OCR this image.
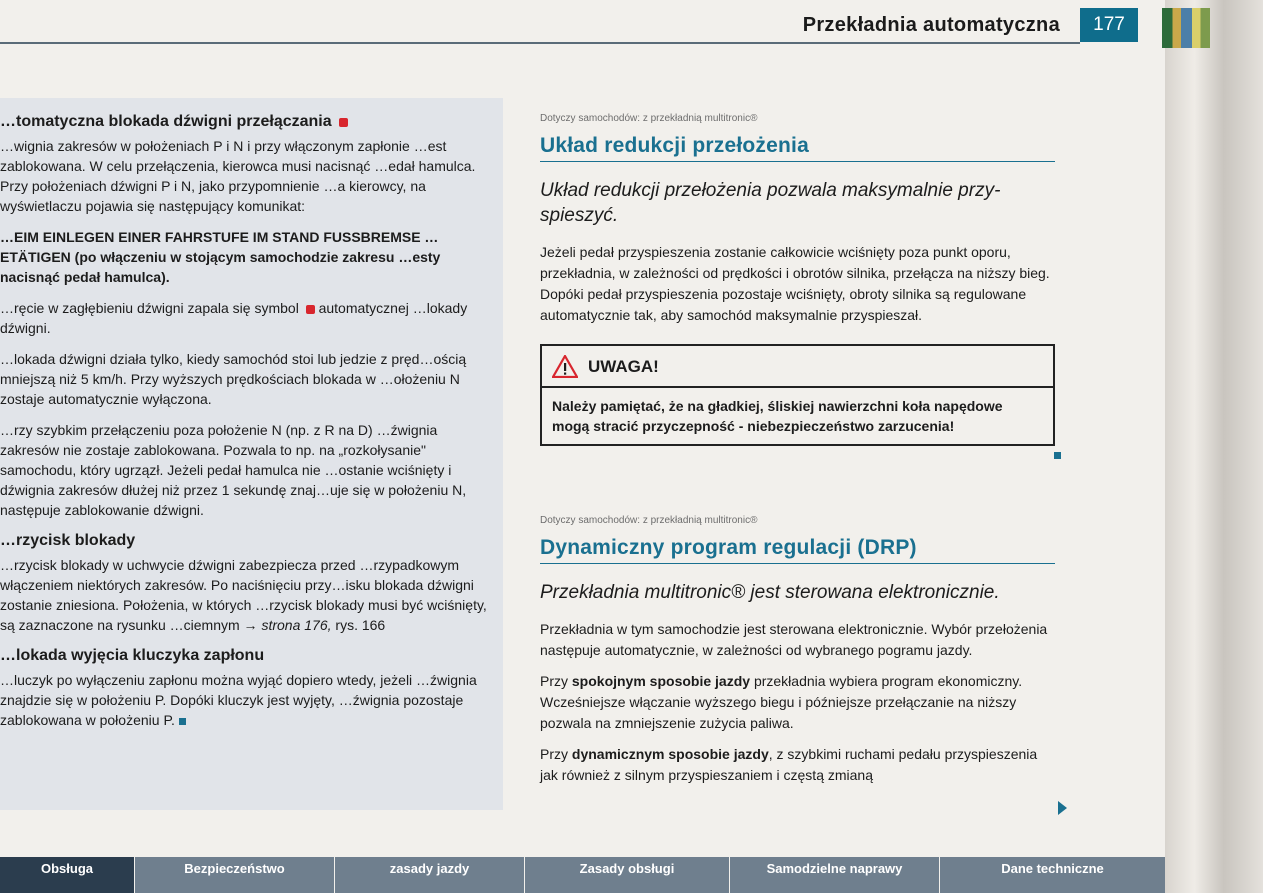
Przekładnia automatyczna	177
…tomatyczna blokada dźwigni przełączania

…wignia zakresów w położeniach P i N i przy włączonym zapłonie …est zablokowana. W celu przełączenia, kierowca musi nacisnąć …edał hamulca. Przy położeniach dźwigni P i N, jako przypomnienie …a kierowcy, na wyświetlaczu pojawia się następujący komunikat:

…EIM EINLEGEN EINER FAHRSTUFE IM STAND FUSSBREMSE …ETÄTIGEN (po włączeniu w stojącym samochodzie zakresu …esty nacisnąć pedał hamulca).

…ręcie w zagłębieniu dźwigni zapala się symbol automatycznej …lokady dźwigni.

…lokada dźwigni działa tylko, kiedy samochód stoi lub jedzie z pręd…ością mniejszą niż 5 km/h. Przy wyższych prędkościach blokada w …ołożeniu N zostaje automatycznie wyłączona.

…rzy szybkim przełączeniu poza położenie N (np. z R na D) …źwignia zakresów nie zostaje zablokowana. Pozwala to np. na „rozkołysanie" samochodu, który ugrzązł. Jeżeli pedał hamulca nie …ostanie wciśnięty i dźwignia zakresów dłużej niż przez 1 sekundę znaj…uje się w położeniu N, następuje zablokowanie dźwigni.

…rzycisk blokady

…rzycisk blokady w uchwycie dźwigni zabezpiecza przed …rzypadkowym włączeniem niektórych zakresów. Po naciśnięciu przy…isku blokada dźwigni zostanie zniesiona. Położenia, w których …rzycisk blokady musi być wciśnięty, są zaznaczone na rysunku …ciemnym → strona 176, rys. 166

…lokada wyjęcia kluczyka zapłonu

…luczyk po wyłączeniu zapłonu można wyjąć dopiero wtedy, jeżeli …źwignia znajdzie się w położeniu P. Dopóki kluczyk jest wyjęty, …źwignia pozostaje zablokowana w położeniu P.

Dotyczy samochodów: z przekładnią multitronic®
Układ redukcji przełożenia
Układ redukcji przełożenia pozwala maksymalnie przyspieszyć.

Jeżeli pedał przyspieszenia zostanie całkowicie wciśnięty poza punkt oporu, przekładnia, w zależności od prędkości i obrotów silnika, przełącza na niższy bieg. Dopóki pedał przyspieszenia pozostaje wciśnięty, obroty silnika są regulowane automatycznie tak, aby samochód maksymalnie przyspieszał.

UWAGA!
Należy pamiętać, że na gładkiej, śliskiej nawierzchni koła napędowe mogą stracić przyczepność - niebezpieczeństwo zarzucenia!
Dotyczy samochodów: z przekładnią multitronic®
Dynamiczny program regulacji (DRP)
Przekładnia multitronic® jest sterowana elektronicznie.

Przekładnia w tym samochodzie jest sterowana elektronicznie. Wybór przełożenia następuje automatycznie, w zależności od wybranego pogramu jazdy.

Przy spokojnym sposobie jazdy przekładnia wybiera program ekonomiczny. Wcześniejsze włączanie wyższego biegu i późniejsze przełączanie na niższy pozwala na zmniejszenie zużycia paliwa.

Przy dynamicznym sposobie jazdy, z szybkimi ruchami pedału przyspieszenia jak również z silnym przyspieszaniem i częstą zmianą

Obsługa	Bezpieczeństwo	zasady jazdy	Zasady obsługi	Samodzielne naprawy	Dane techniczne
